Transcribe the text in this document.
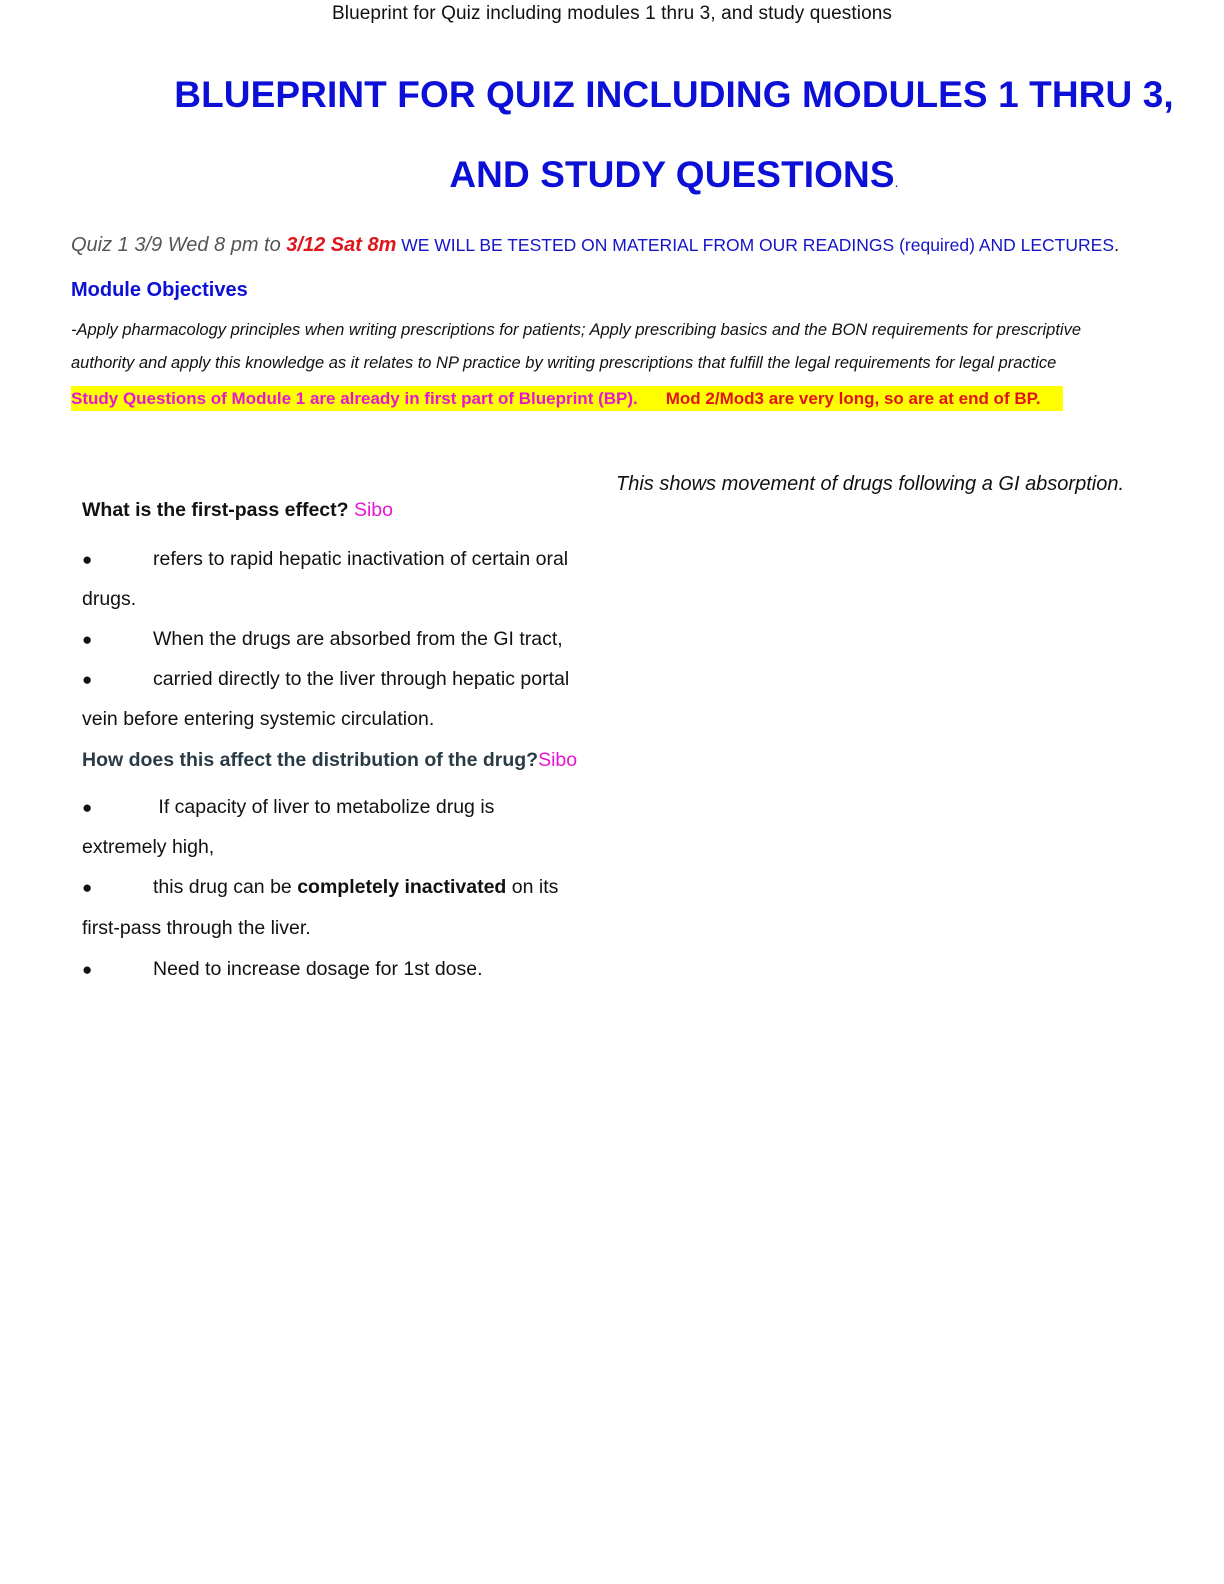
Blueprint for Quiz including modules 1 thru 3, and study questions
BLUEPRINT FOR QUIZ INCLUDING MODULES 1 THRU 3,
AND STUDY QUESTIONS.
Quiz 1 3/9 Wed 8 pm to 3/12 Sat 8m WE WILL BE TESTED ON MATERIAL FROM OUR READINGS (required) AND LECTURES.
Module Objectives
-Apply pharmacology principles when writing prescriptions for patients; Apply prescribing basics and the BON requirements for prescriptive
authority and apply this knowledge as it relates to NP practice by writing prescriptions that fulfill the legal requirements for legal practice
Study Questions of Module 1 are already in first part of Blueprint (BP). Mod 2/Mod3 are very long, so are at end of BP.
This shows movement of drugs following a GI absorption.
What is the first-pass effect? Sibo
●	refers to rapid hepatic inactivation of certain oral
drugs.
●	When the drugs are absorbed from the GI tract,
●	carried directly to the liver through hepatic portal
vein before entering systemic circulation.
How does this affect the distribution of the drug?Sibo
●	If capacity of liver to metabolize drug is
extremely high,
●	this drug can be completely inactivated on its
first-pass through the liver.
●	Need to increase dosage for 1st dose.
